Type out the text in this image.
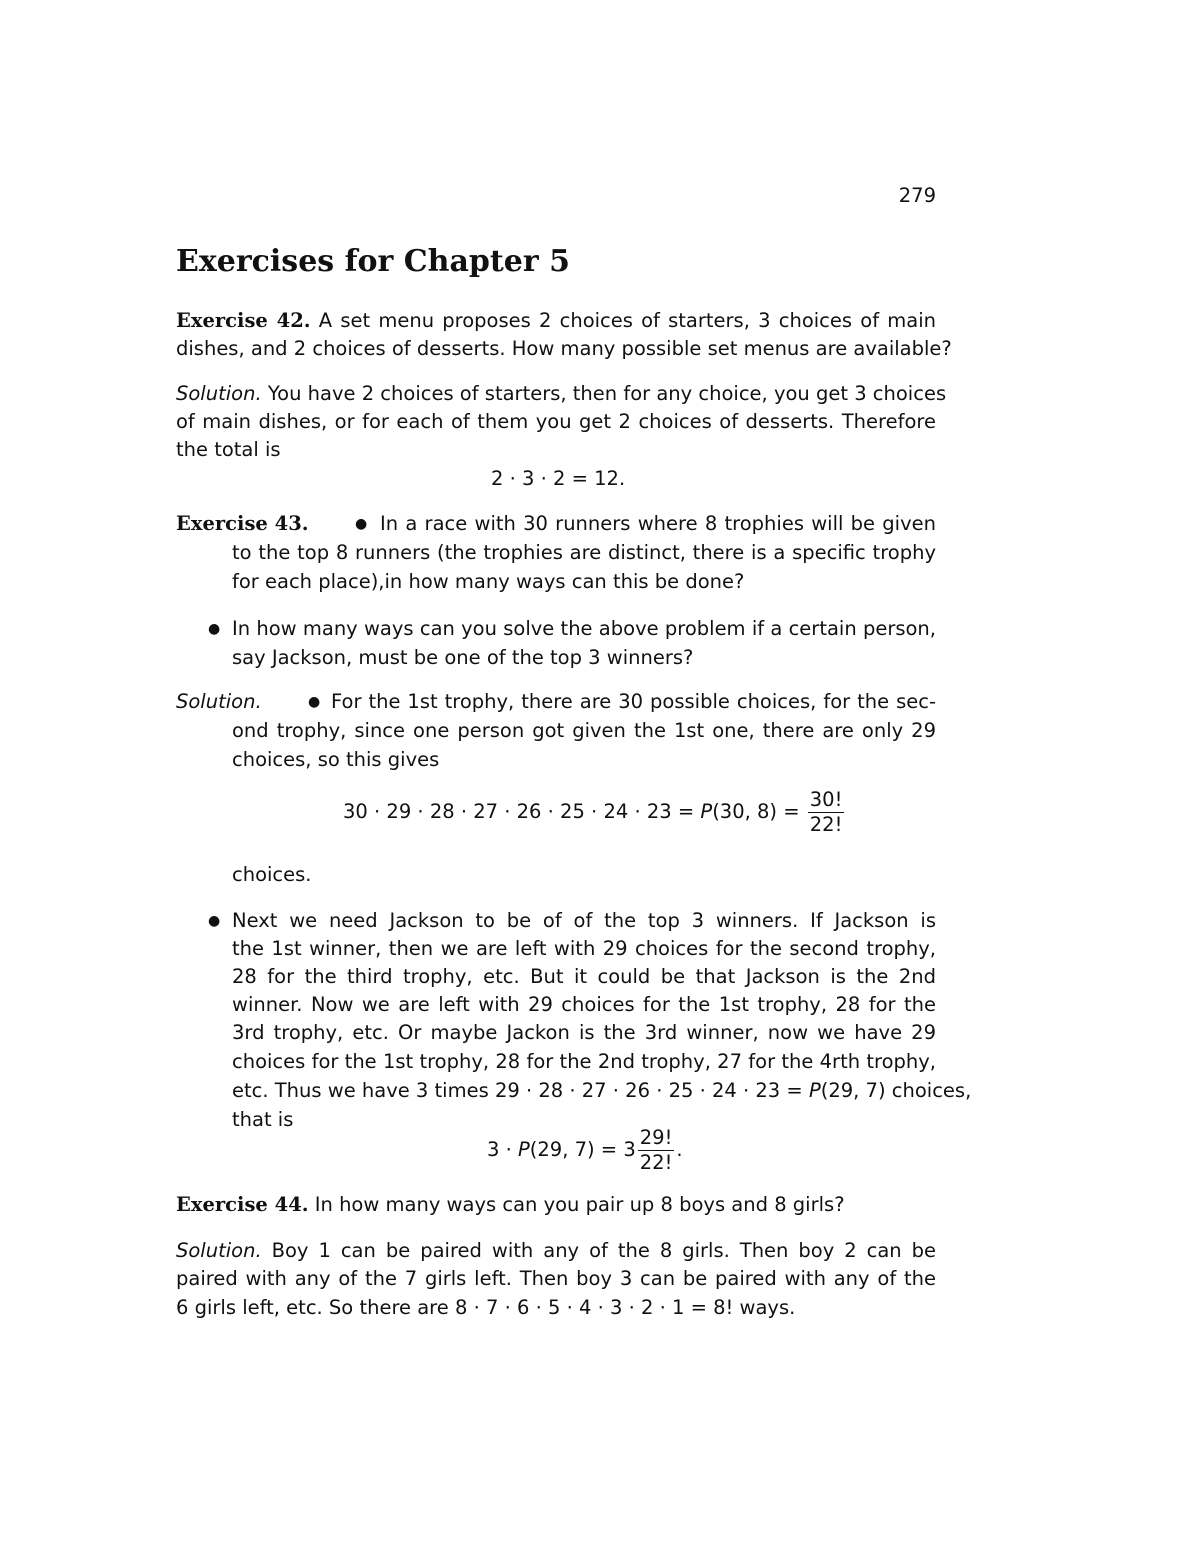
279
Exercises for Chapter 5
Exercise 42. A set menu proposes 2 choices of starters, 3 choices of main
dishes, and 2 choices of desserts. How many possible set menus are available?
Solution. You have 2 choices of starters, then for any choice, you get 3 choices
of main dishes, or for each of them you get 2 choices of desserts. Therefore
the total is
2 · 3 · 2 = 12.
Exercise 43.	● In a race with 30 runners where 8 trophies will be given
to the top 8 runners (the trophies are distinct, there is a specific trophy
for each place),in how many ways can this be done?
● In how many ways can you solve the above problem if a certain person,
say Jackson, must be one of the top 3 winners?
Solution.	● For the 1st trophy, there are 30 possible choices, for the sec-
ond trophy, since one person got given the 1st one, there are only 29
choices, so this gives
30 · 29 · 28 · 27 · 26 · 25 · 24 · 23 = P(30, $8) = \frac{30!}{22!}$
choices.
● Next we need Jackson to be of of the top 3 winners. If Jackson is
the 1st winner, then we are left with 29 choices for the second trophy,
28 for the third trophy, etc. But it could be that Jackson is the 2nd
winner. Now we are left with 29 choices for the 1st trophy, 28 for the
3rd trophy, etc. Or maybe Jackon is the 3rd winner, now we have 29
choices for the 1st trophy, 28 for the 2nd trophy, 27 for the 4rth trophy,
etc. Thus we have 3 times 29 · 28 · 27 · 26 · 25 · 24 · 23 = P(29, 7) choices,
that is
3 · P(29, $7) = 3 \frac{29!}{22!}$ .
Exercise 44. In how many ways can you pair up 8 boys and 8 girls?
Solution. Boy 1 can be paired with any of the 8 girls. Then boy 2 can be
paired with any of the 7 girls left. Then boy 3 can be paired with any of the
6 girls left, etc. So there are 8 · 7 · 6 · 5 · 4 · 3 · 2 · 1 = 8! ways.
